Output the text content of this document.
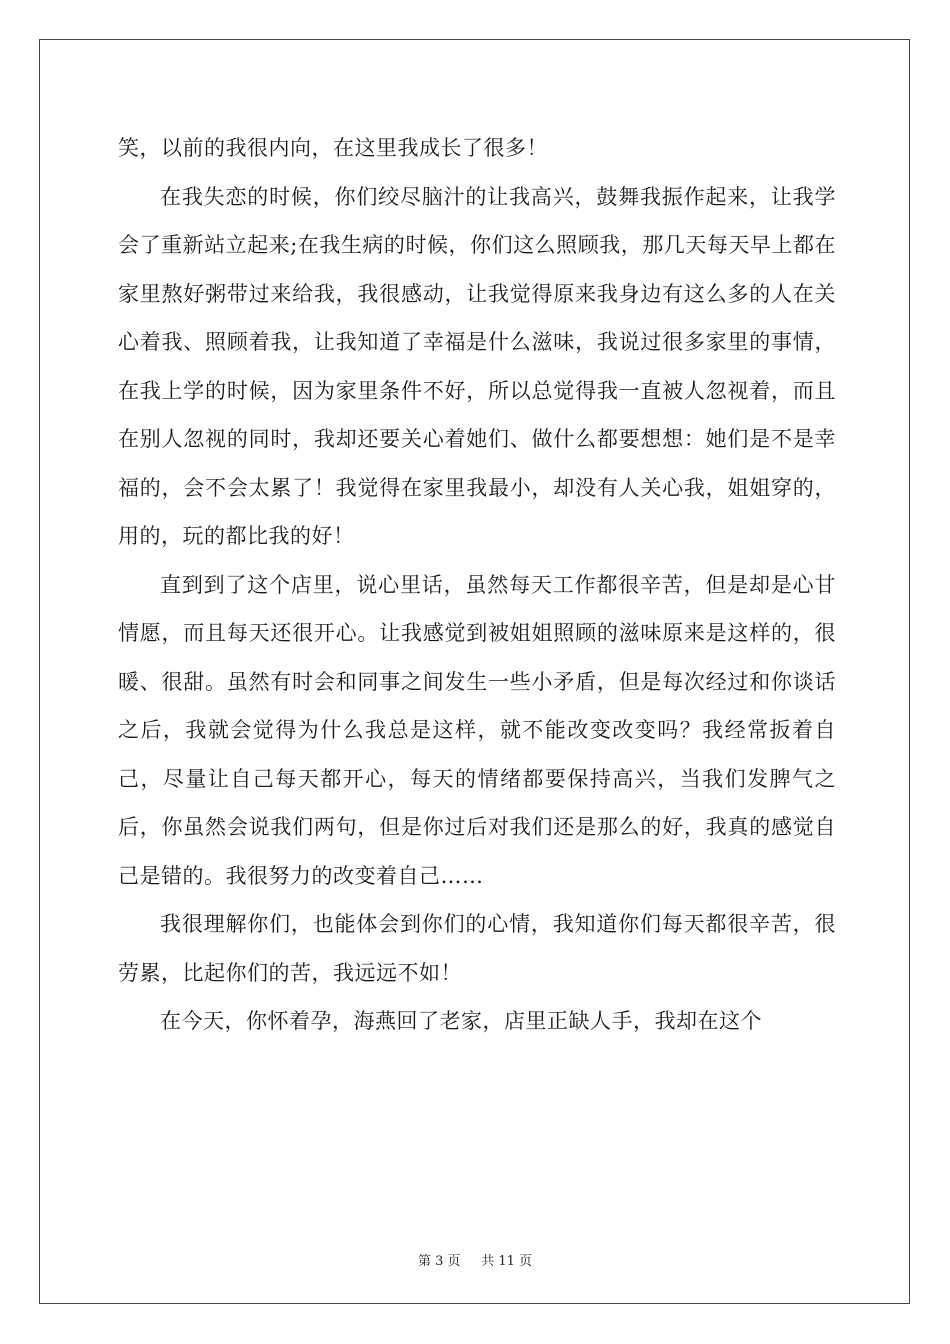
笑，以前的我很内向，在这里我成长了很多！

在我失恋的时候，你们绞尽脑汁的让我高兴，鼓舞我振作起来，让我学会了重新站立起来;在我生病的时候，你们这么照顾我，那几天每天早上都在家里熬好粥带过来给我，我很感动，让我觉得原来我身边有这么多的人在关心着我、照顾着我，让我知道了幸福是什么滋味，我说过很多家里的事情，在我上学的时候，因为家里条件不好，所以总觉得我一直被人忽视着，而且在别人忽视的同时，我却还要关心着她们、做什么都要想想：她们是不是幸福的，会不会太累了！我觉得在家里我最小，却没有人关心我，姐姐穿的，用的，玩的都比我的好！

直到到了这个店里，说心里话，虽然每天工作都很辛苦，但是却是心甘情愿，而且每天还很开心。让我感觉到被姐姐照顾的滋味原来是这样的，很暖、很甜。虽然有时会和同事之间发生一些小矛盾，但是每次经过和你谈话之后，我就会觉得为什么我总是这样，就不能改变改变吗？我经常扳着自己，尽量让自己每天都开心，每天的情绪都要保持高兴，当我们发脾气之后，你虽然会说我们两句，但是你过后对我们还是那么的好，我真的感觉自己是错的。我很努力的改变着自己……

我很理解你们，也能体会到你们的心情，我知道你们每天都很辛苦，很劳累，比起你们的苦，我远远不如！

在今天，你怀着孕，海燕回了老家，店里正缺人手，我却在这个

第 3 页 共 11 页
